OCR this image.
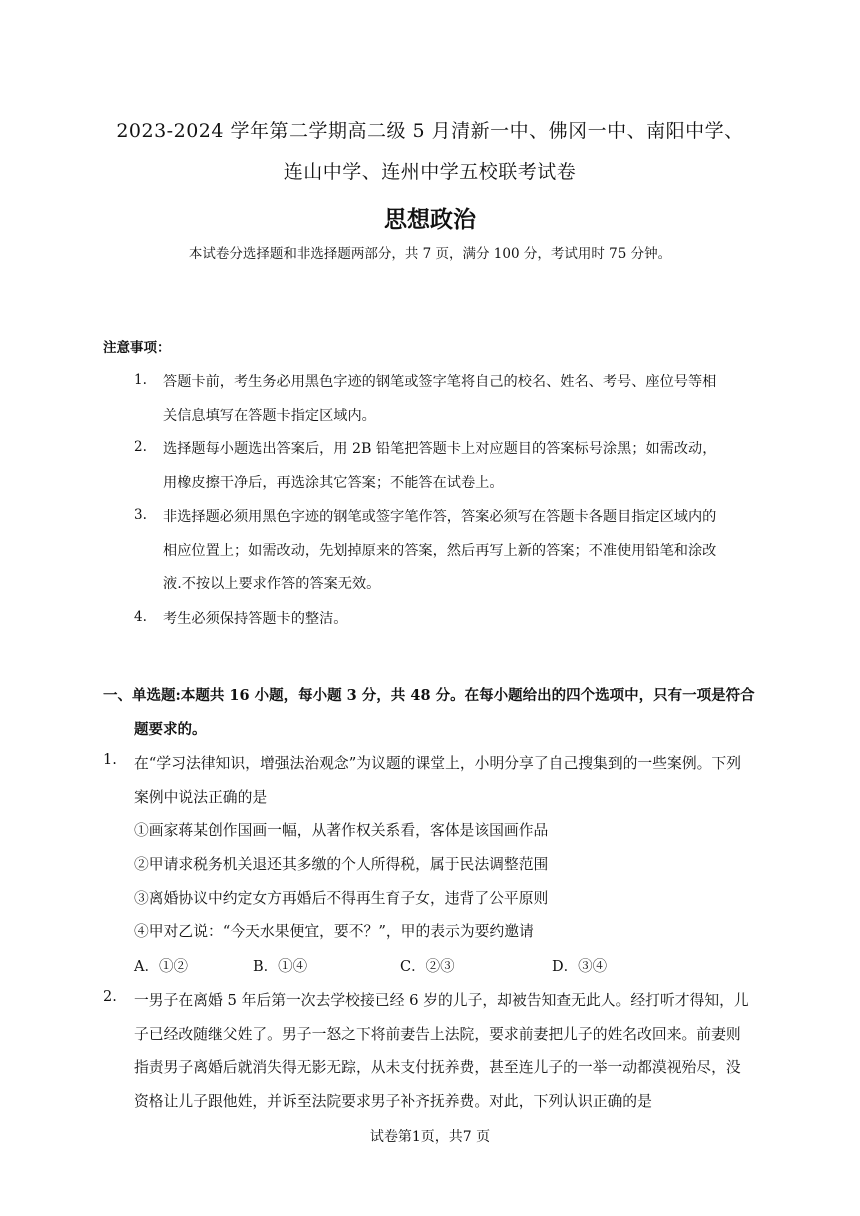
2023-2024 学年第二学期高二级 5 月清新一中、佛冈一中、南阳中学、
连山中学、连州中学五校联考试卷
思想政治
本试卷分选择题和非选择题两部分，共 7 页，满分 100 分，考试用时 75 分钟。
注意事项：
1. 答题卡前，考生务必用黑色字迹的钢笔或签字笔将自己的校名、姓名、考号、座位号等相
关信息填写在答题卡指定区域内。
2. 选择题每小题选出答案后，用 2B 铅笔把答题卡上对应题目的答案标号涂黑；如需改动，
用橡皮擦干净后，再选涂其它答案；不能答在试卷上。
3. 非选择题必须用黑色字迹的钢笔或签字笔作答，答案必须写在答题卡各题目指定区域内的
相应位置上；如需改动，先划掉原来的答案，然后再写上新的答案；不准使用铅笔和涂改
液.不按以上要求作答的答案无效。
4. 考生必须保持答题卡的整洁。
一、单选题:本题共 16 小题，每小题 3 分，共 48 分。在每小题给出的四个选项中，只有一项是符合
题要求的。
1. 在“学习法律知识，增强法治观念”为议题的课堂上，小明分享了自己搜集到的一些案例。下列
案例中说法正确的是
①画家蒋某创作国画一幅，从著作权关系看，客体是该国画作品
②甲请求税务机关退还其多缴的个人所得税，属于民法调整范围
③离婚协议中约定女方再婚后不得再生育子女，违背了公平原则
④甲对乙说：“今天水果便宜，要不？”，甲的表示为要约邀请
A．①②	B．①④	C．②③	D．③④
2. 一男子在离婚 5 年后第一次去学校接已经 6 岁的儿子，却被告知查无此人。经打听才得知，儿
子已经改随继父姓了。男子一怒之下将前妻告上法院，要求前妻把儿子的姓名改回来。前妻则
指责男子离婚后就消失得无影无踪，从未支付抚养费，甚至连儿子的一举一动都漠视殆尽，没
资格让儿子跟他姓，并诉至法院要求男子补齐抚养费。对此，下列认识正确的是
试卷第1页，共7 页
